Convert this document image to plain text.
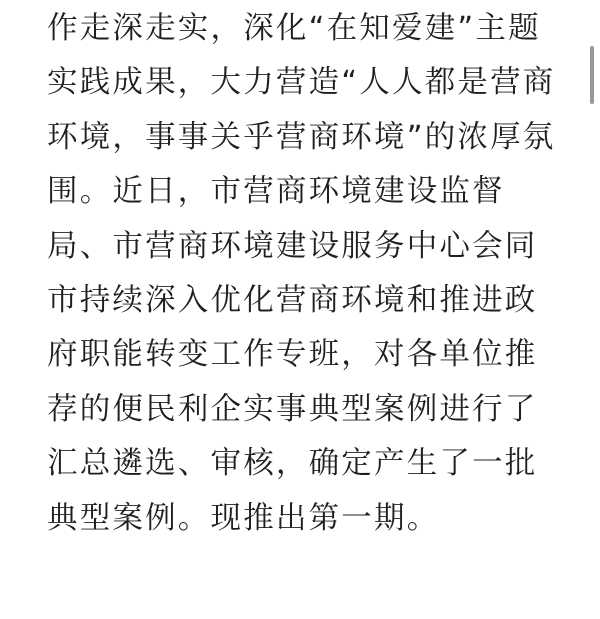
作走深走实，深化“在知爱建”主题
实践成果，大力营造“人人都是营商
环境，事事关乎营商环境”的浓厚氛
围。近日，市营商环境建设监督
局、市营商环境建设服务中心会同
市持续深入优化营商环境和推进政
府职能转变工作专班，对各单位推
荐的便民利企实事典型案例进行了
汇总遴选、审核，确定产生了一批
典型案例。现推出第一期。
